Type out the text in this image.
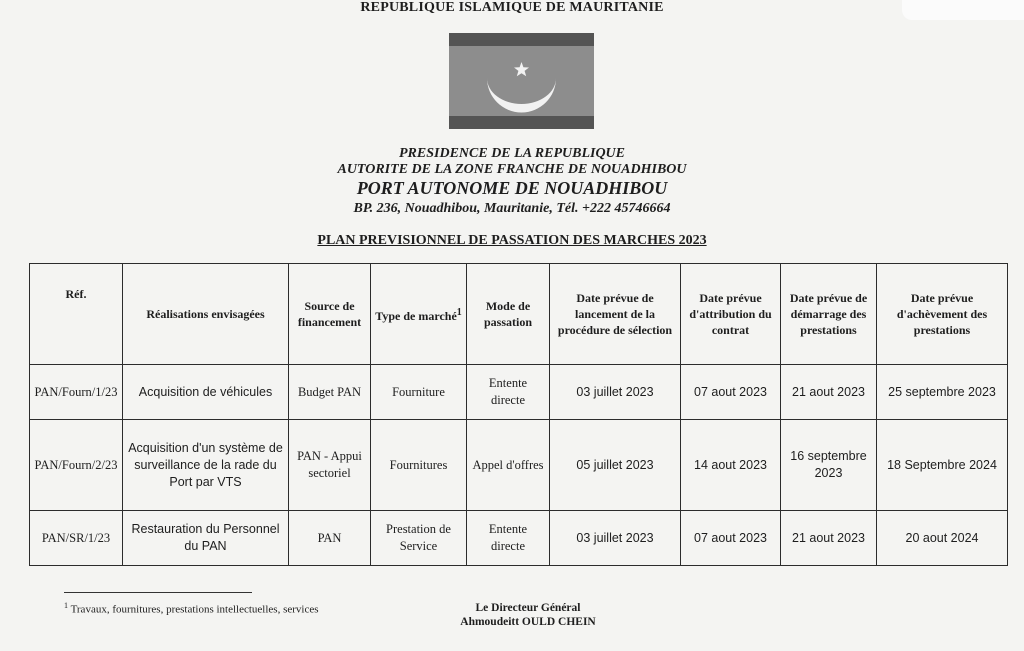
REPUBLIQUE ISLAMIQUE DE MAURITANIE
PRESIDENCE DE LA REPUBLIQUE
AUTORITE DE LA ZONE FRANCHE DE NOUADHIBOU
PORT AUTONOME DE NOUADHIBOU
BP. 236, Nouadhibou, Mauritanie, Tél. +222 45746664
PLAN PREVISIONNEL DE PASSATION DES MARCHES 2023
Réf.	Réalisations envisagées	Source de financement	Type de marché$^1$	Mode de passation	Date prévue de lancement de la procédure de sélection	Date prévue d'attribution du contrat	Date prévue de démarrage des prestations	Date prévue d'achèvement des prestations
PAN/Fourn/1/23	Acquisition de véhicules	Budget PAN	Fourniture	Entente directe	03 juillet 2023	07 aout 2023	21 aout 2023	25 septembre 2023
PAN/Fourn/2/23	Acquisition d'un système de surveillance de la rade du Port par VTS	PAN - Appui sectoriel	Fournitures	Appel d'offres	05 juillet 2023	14 aout 2023	16 septembre 2023	18 Septembre 2024
PAN/SR/1/23	Restauration du Personnel du PAN	PAN	Prestation de Service	Entente directe	03 juillet 2023	07 aout 2023	21 aout 2023	20 aout 2024
$^1$ Travaux, fournitures, prestations intellectuelles, services	Le Directeur Général
Ahmoudeitt OULD CHEIN
